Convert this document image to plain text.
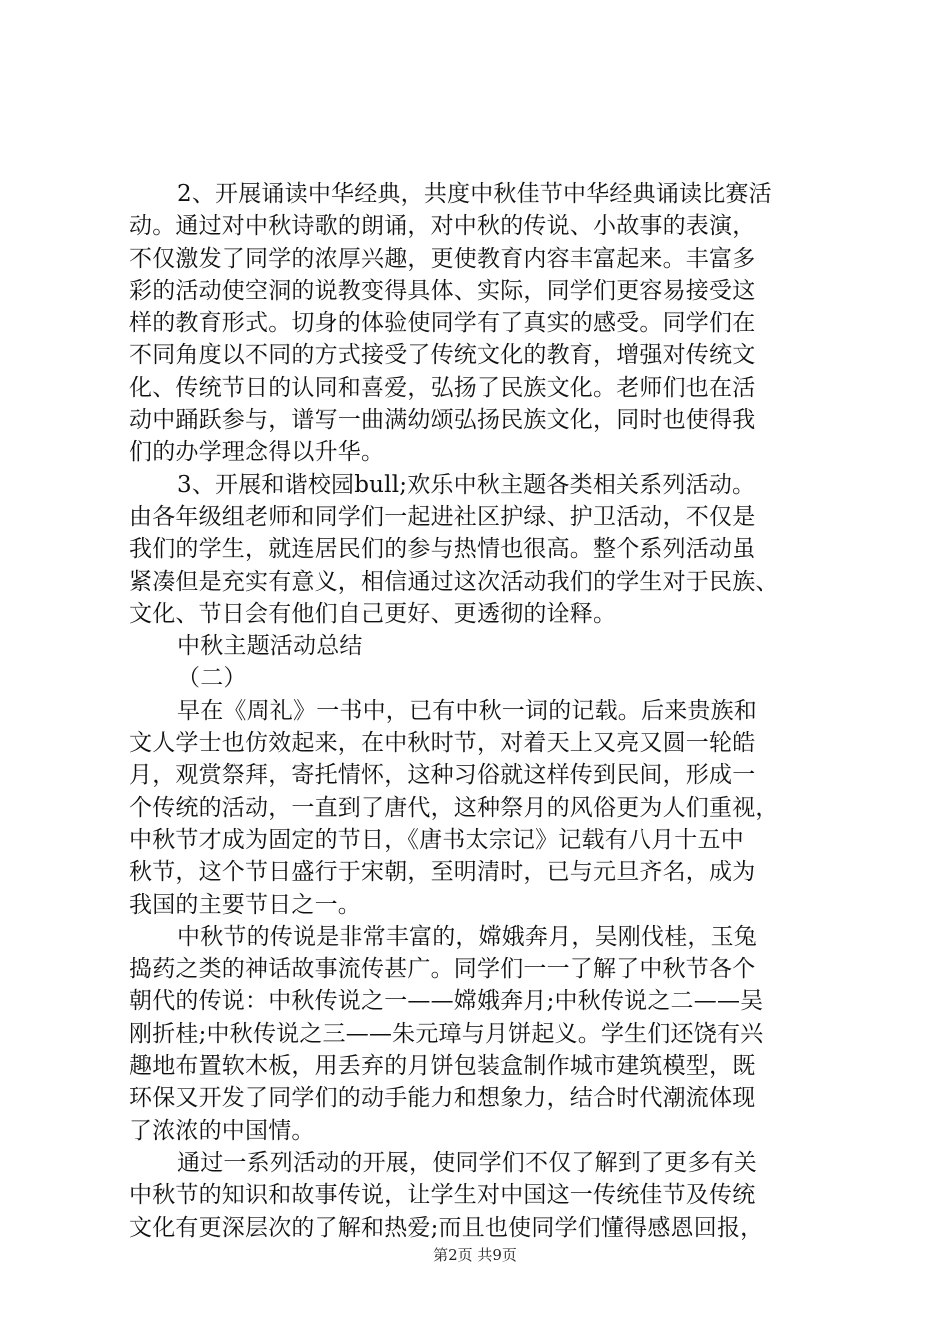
2、开展诵读中华经典，共度中秋佳节中华经典诵读比赛活
动。通过对中秋诗歌的朗诵，对中秋的传说、小故事的表演，
不仅激发了同学的浓厚兴趣，更使教育内容丰富起来。丰富多
彩的活动使空洞的说教变得具体、实际，同学们更容易接受这
样的教育形式。切身的体验使同学有了真实的感受。同学们在
不同角度以不同的方式接受了传统文化的教育，增强对传统文
化、传统节日的认同和喜爱，弘扬了民族文化。老师们也在活
动中踊跃参与，谱写一曲满幼颂弘扬民族文化，同时也使得我
们的办学理念得以升华。
3、开展和谐校园bull;欢乐中秋主题各类相关系列活动。
由各年级组老师和同学们一起进社区护绿、护卫活动，不仅是
我们的学生，就连居民们的参与热情也很高。整个系列活动虽
紧凑但是充实有意义，相信通过这次活动我们的学生对于民族、
文化、节日会有他们自己更好、更透彻的诠释。
中秋主题活动总结
（二）
早在《周礼》一书中，已有中秋一词的记载。后来贵族和
文人学士也仿效起来，在中秋时节，对着天上又亮又圆一轮皓
月，观赏祭拜，寄托情怀，这种习俗就这样传到民间，形成一
个传统的活动，一直到了唐代，这种祭月的风俗更为人们重视，
中秋节才成为固定的节日，《唐书太宗记》记载有八月十五中
秋节，这个节日盛行于宋朝，至明清时，已与元旦齐名，成为
我国的主要节日之一。
中秋节的传说是非常丰富的，嫦娥奔月，吴刚伐桂，玉兔
捣药之类的神话故事流传甚广。同学们一一了解了中秋节各个
朝代的传说：中秋传说之一——嫦娥奔月;中秋传说之二——吴
刚折桂;中秋传说之三——朱元璋与月饼起义。学生们还饶有兴
趣地布置软木板，用丢弃的月饼包装盒制作城市建筑模型，既
环保又开发了同学们的动手能力和想象力，结合时代潮流体现
了浓浓的中国情。
通过一系列活动的开展，使同学们不仅了解到了更多有关
中秋节的知识和故事传说，让学生对中国这一传统佳节及传统
文化有更深层次的了解和热爱;而且也使同学们懂得感恩回报，
第2页 共9页
